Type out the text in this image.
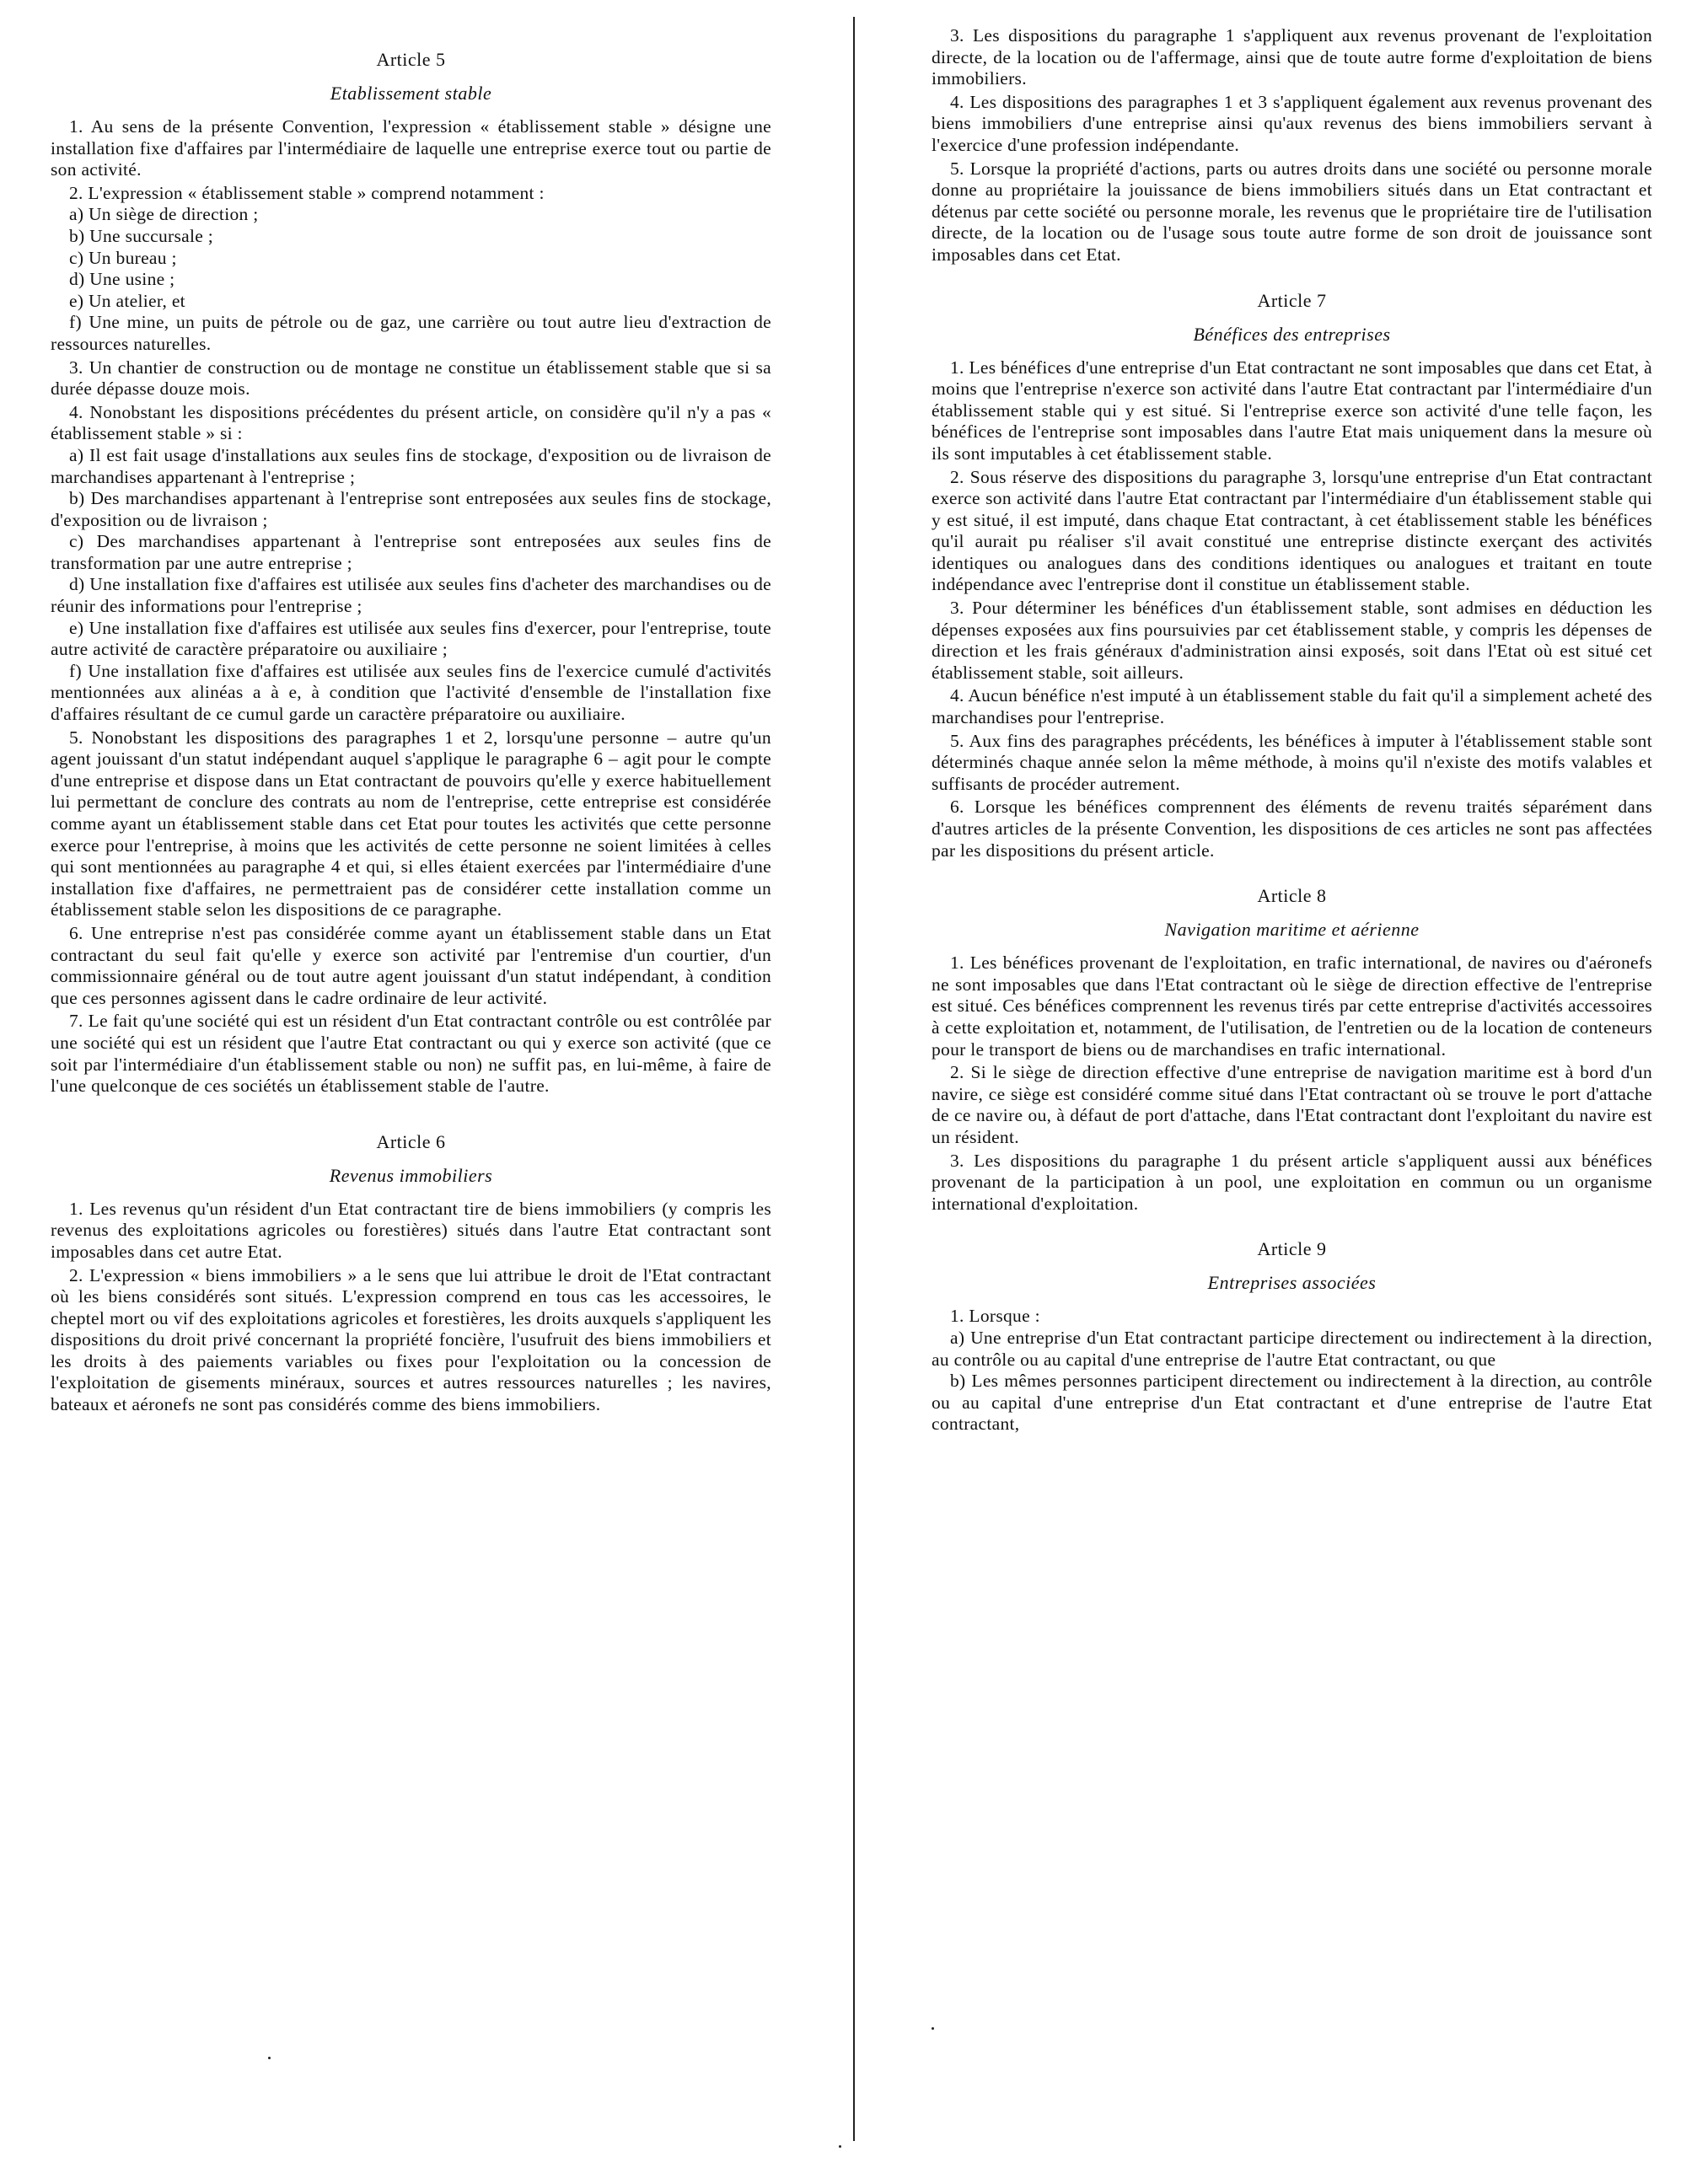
Article 5
Etablissement stable

1. Au sens de la présente Convention, l'expression « établissement stable » désigne une installation fixe d'affaires par l'intermédiaire de laquelle une entreprise exerce tout ou partie de son activité.

2. L'expression « établissement stable » comprend notamment :

a) Un siège de direction ;

b) Une succursale ;

c) Un bureau ;

d) Une usine ;

e) Un atelier, et

f) Une mine, un puits de pétrole ou de gaz, une carrière ou tout autre lieu d'extraction de ressources naturelles.

3. Un chantier de construction ou de montage ne constitue un établissement stable que si sa durée dépasse douze mois.

4. Nonobstant les dispositions précédentes du présent article, on considère qu'il n'y a pas « établissement stable » si :

a) Il est fait usage d'installations aux seules fins de stockage, d'exposition ou de livraison de marchandises appartenant à l'entreprise ;

b) Des marchandises appartenant à l'entreprise sont entreposées aux seules fins de stockage, d'exposition ou de livraison ;

c) Des marchandises appartenant à l'entreprise sont entreposées aux seules fins de transformation par une autre entreprise ;

d) Une installation fixe d'affaires est utilisée aux seules fins d'acheter des marchandises ou de réunir des informations pour l'entreprise ;

e) Une installation fixe d'affaires est utilisée aux seules fins d'exercer, pour l'entreprise, toute autre activité de caractère préparatoire ou auxiliaire ;

f) Une installation fixe d'affaires est utilisée aux seules fins de l'exercice cumulé d'activités mentionnées aux alinéas a à e, à condition que l'activité d'ensemble de l'installation fixe d'affaires résultant de ce cumul garde un caractère préparatoire ou auxiliaire.

5. Nonobstant les dispositions des paragraphes 1 et 2, lorsqu'une personne – autre qu'un agent jouissant d'un statut indépendant auquel s'applique le paragraphe 6 – agit pour le compte d'une entreprise et dispose dans un Etat contractant de pouvoirs qu'elle y exerce habituellement lui permettant de conclure des contrats au nom de l'entreprise, cette entreprise est considérée comme ayant un établissement stable dans cet Etat pour toutes les activités que cette personne exerce pour l'entreprise, à moins que les activités de cette personne ne soient limitées à celles qui sont mentionnées au paragraphe 4 et qui, si elles étaient exercées par l'intermédiaire d'une installation fixe d'affaires, ne permettraient pas de considérer cette installation comme un établissement stable selon les dispositions de ce paragraphe.

6. Une entreprise n'est pas considérée comme ayant un établissement stable dans un Etat contractant du seul fait qu'elle y exerce son activité par l'entremise d'un courtier, d'un commissionnaire général ou de tout autre agent jouissant d'un statut indépendant, à condition que ces personnes agissent dans le cadre ordinaire de leur activité.

7. Le fait qu'une société qui est un résident d'un Etat contractant contrôle ou est contrôlée par une société qui est un résident que l'autre Etat contractant ou qui y exerce son activité (que ce soit par l'intermédiaire d'un établissement stable ou non) ne suffit pas, en lui-même, à faire de l'une quelconque de ces sociétés un établissement stable de l'autre.

Article 6
Revenus immobiliers

1. Les revenus qu'un résident d'un Etat contractant tire de biens immobiliers (y compris les revenus des exploitations agricoles ou forestières) situés dans l'autre Etat contractant sont imposables dans cet autre Etat.

2. L'expression « biens immobiliers » a le sens que lui attribue le droit de l'Etat contractant où les biens considérés sont situés. L'expression comprend en tous cas les accessoires, le cheptel mort ou vif des exploitations agricoles et forestières, les droits auxquels s'appliquent les dispositions du droit privé concernant la propriété foncière, l'usufruit des biens immobiliers et les droits à des paiements variables ou fixes pour l'exploitation ou la concession de l'exploitation de gisements minéraux, sources et autres ressources naturelles ; les navires, bateaux et aéronefs ne sont pas considérés comme des biens immobiliers.

3. Les dispositions du paragraphe 1 s'appliquent aux revenus provenant de l'exploitation directe, de la location ou de l'affermage, ainsi que de toute autre forme d'exploitation de biens immobiliers.

4. Les dispositions des paragraphes 1 et 3 s'appliquent également aux revenus provenant des biens immobiliers d'une entreprise ainsi qu'aux revenus des biens immobiliers servant à l'exercice d'une profession indépendante.

5. Lorsque la propriété d'actions, parts ou autres droits dans une société ou personne morale donne au propriétaire la jouissance de biens immobiliers situés dans un Etat contractant et détenus par cette société ou personne morale, les revenus que le propriétaire tire de l'utilisation directe, de la location ou de l'usage sous toute autre forme de son droit de jouissance sont imposables dans cet Etat.

Article 7
Bénéfices des entreprises

1. Les bénéfices d'une entreprise d'un Etat contractant ne sont imposables que dans cet Etat, à moins que l'entreprise n'exerce son activité dans l'autre Etat contractant par l'intermédiaire d'un établissement stable qui y est situé. Si l'entreprise exerce son activité d'une telle façon, les bénéfices de l'entreprise sont imposables dans l'autre Etat mais uniquement dans la mesure où ils sont imputables à cet établissement stable.

2. Sous réserve des dispositions du paragraphe 3, lorsqu'une entreprise d'un Etat contractant exerce son activité dans l'autre Etat contractant par l'intermédiaire d'un établissement stable qui y est situé, il est imputé, dans chaque Etat contractant, à cet établissement stable les bénéfices qu'il aurait pu réaliser s'il avait constitué une entreprise distincte exerçant des activités identiques ou analogues dans des conditions identiques ou analogues et traitant en toute indépendance avec l'entreprise dont il constitue un établissement stable.

3. Pour déterminer les bénéfices d'un établissement stable, sont admises en déduction les dépenses exposées aux fins poursuivies par cet établissement stable, y compris les dépenses de direction et les frais généraux d'administration ainsi exposés, soit dans l'Etat où est situé cet établissement stable, soit ailleurs.

4. Aucun bénéfice n'est imputé à un établissement stable du fait qu'il a simplement acheté des marchandises pour l'entreprise.

5. Aux fins des paragraphes précédents, les bénéfices à imputer à l'établissement stable sont déterminés chaque année selon la même méthode, à moins qu'il n'existe des motifs valables et suffisants de procéder autrement.

6. Lorsque les bénéfices comprennent des éléments de revenu traités séparément dans d'autres articles de la présente Convention, les dispositions de ces articles ne sont pas affectées par les dispositions du présent article.

Article 8
Navigation maritime et aérienne

1. Les bénéfices provenant de l'exploitation, en trafic international, de navires ou d'aéronefs ne sont imposables que dans l'Etat contractant où le siège de direction effective de l'entreprise est situé. Ces bénéfices comprennent les revenus tirés par cette entreprise d'activités accessoires à cette exploitation et, notamment, de l'utilisation, de l'entretien ou de la location de conteneurs pour le transport de biens ou de marchandises en trafic international.

2. Si le siège de direction effective d'une entreprise de navigation maritime est à bord d'un navire, ce siège est considéré comme situé dans l'Etat contractant où se trouve le port d'attache de ce navire ou, à défaut de port d'attache, dans l'Etat contractant dont l'exploitant du navire est un résident.

3. Les dispositions du paragraphe 1 du présent article s'appliquent aussi aux bénéfices provenant de la participation à un pool, une exploitation en commun ou un organisme international d'exploitation.

Article 9
Entreprises associées

1. Lorsque :

a) Une entreprise d'un Etat contractant participe directement ou indirectement à la direction, au contrôle ou au capital d'une entreprise de l'autre Etat contractant, ou que

b) Les mêmes personnes participent directement ou indirectement à la direction, au contrôle ou au capital d'une entreprise d'un Etat contractant et d'une entreprise de l'autre Etat contractant,
